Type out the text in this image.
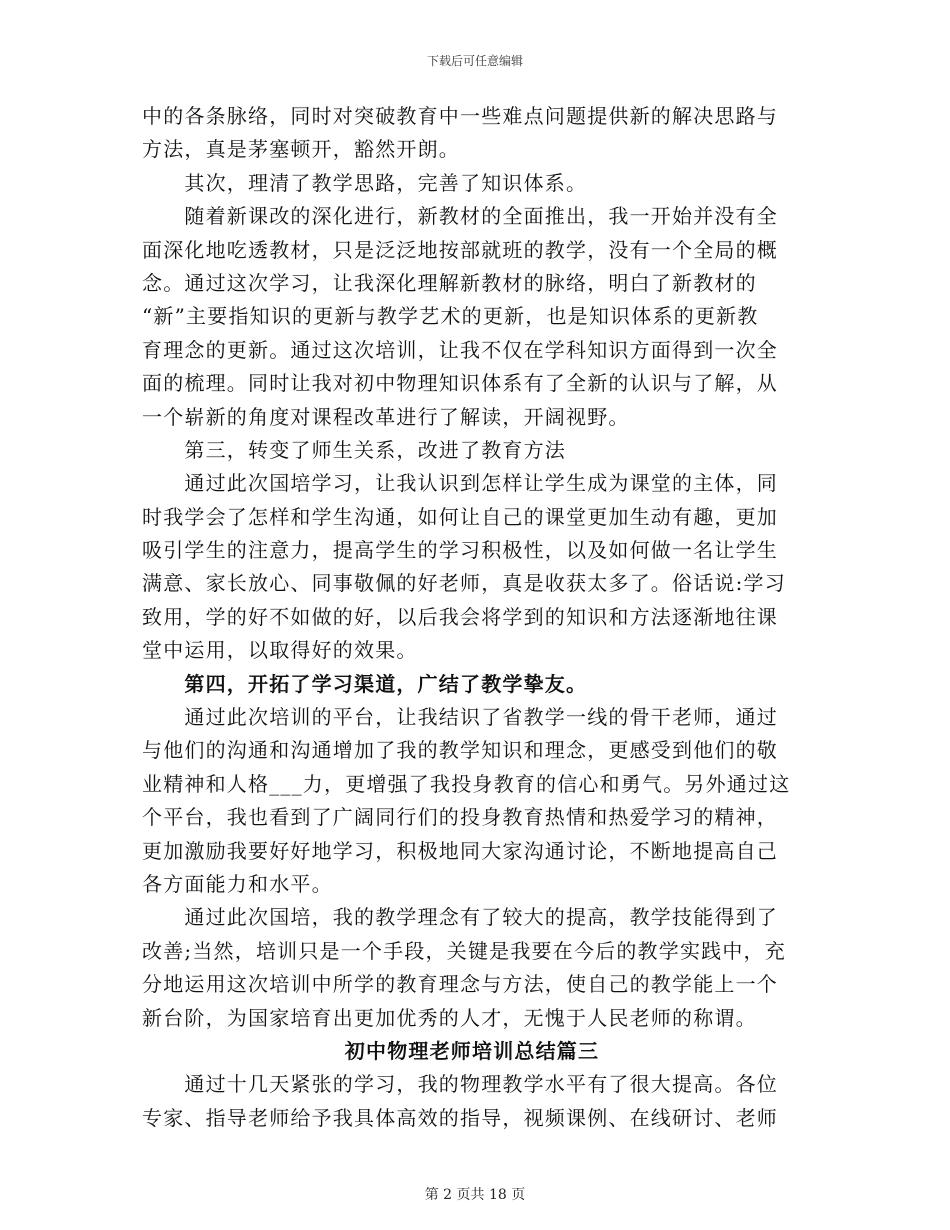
下载后可任意编辑
中的各条脉络，同时对突破教育中一些难点问题提供新的解决思路与
方法，真是茅塞顿开，豁然开朗。
　　其次，理清了教学思路，完善了知识体系。
　　随着新课改的深化进行，新教材的全面推出，我一开始并没有全
面深化地吃透教材，只是泛泛地按部就班的教学，没有一个全局的概
念。通过这次学习，让我深化理解新教材的脉络，明白了新教材的
“新”主要指知识的更新与教学艺术的更新，也是知识体系的更新教
育理念的更新。通过这次培训，让我不仅在学科知识方面得到一次全
面的梳理。同时让我对初中物理知识体系有了全新的认识与了解，从
一个崭新的角度对课程改革进行了解读，开阔视野。
　　第三，转变了师生关系，改进了教育方法
　　通过此次国培学习，让我认识到怎样让学生成为课堂的主体，同
时我学会了怎样和学生沟通，如何让自己的课堂更加生动有趣，更加
吸引学生的注意力，提高学生的学习积极性，以及如何做一名让学生
满意、家长放心、同事敬佩的好老师，真是收获太多了。俗话说:学习
致用，学的好不如做的好，以后我会将学到的知识和方法逐渐地往课
堂中运用，以取得好的效果。
　　第四，开拓了学习渠道，广结了教学挚友。
　　通过此次培训的平台，让我结识了省教学一线的骨干老师，通过
与他们的沟通和沟通增加了我的教学知识和理念，更感受到他们的敬
业精神和人格___力，更增强了我投身教育的信心和勇气。另外通过这
个平台，我也看到了广阔同行们的投身教育热情和热爱学习的精神，
更加激励我要好好地学习，积极地同大家沟通讨论，不断地提高自己
各方面能力和水平。
　　通过此次国培，我的教学理念有了较大的提高，教学技能得到了
改善;当然，培训只是一个手段，关键是我要在今后的教学实践中，充
分地运用这次培训中所学的教育理念与方法，使自己的教学能上一个
新台阶，为国家培育出更加优秀的人才，无愧于人民老师的称谓。
初中物理老师培训总结篇三
　　通过十几天紧张的学习，我的物理教学水平有了很大提高。各位
专家、指导老师给予我具体高效的指导，视频课例、在线研讨、老师
第 2 页共 18 页
